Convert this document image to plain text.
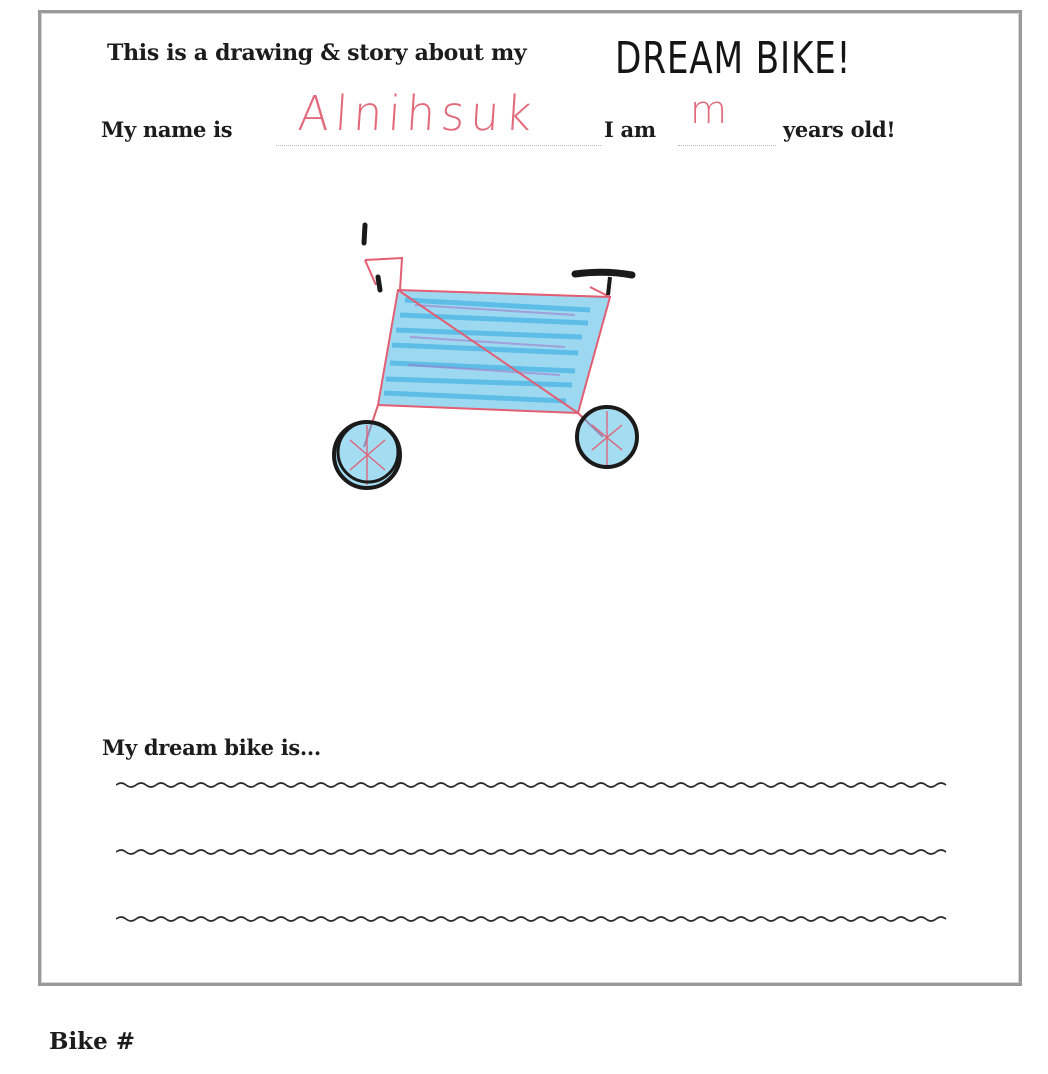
This is a drawing & story about my DREAM BIKE!
My name is Alnihsuk	I am m	years old!
My dream bike is...
Bike #
